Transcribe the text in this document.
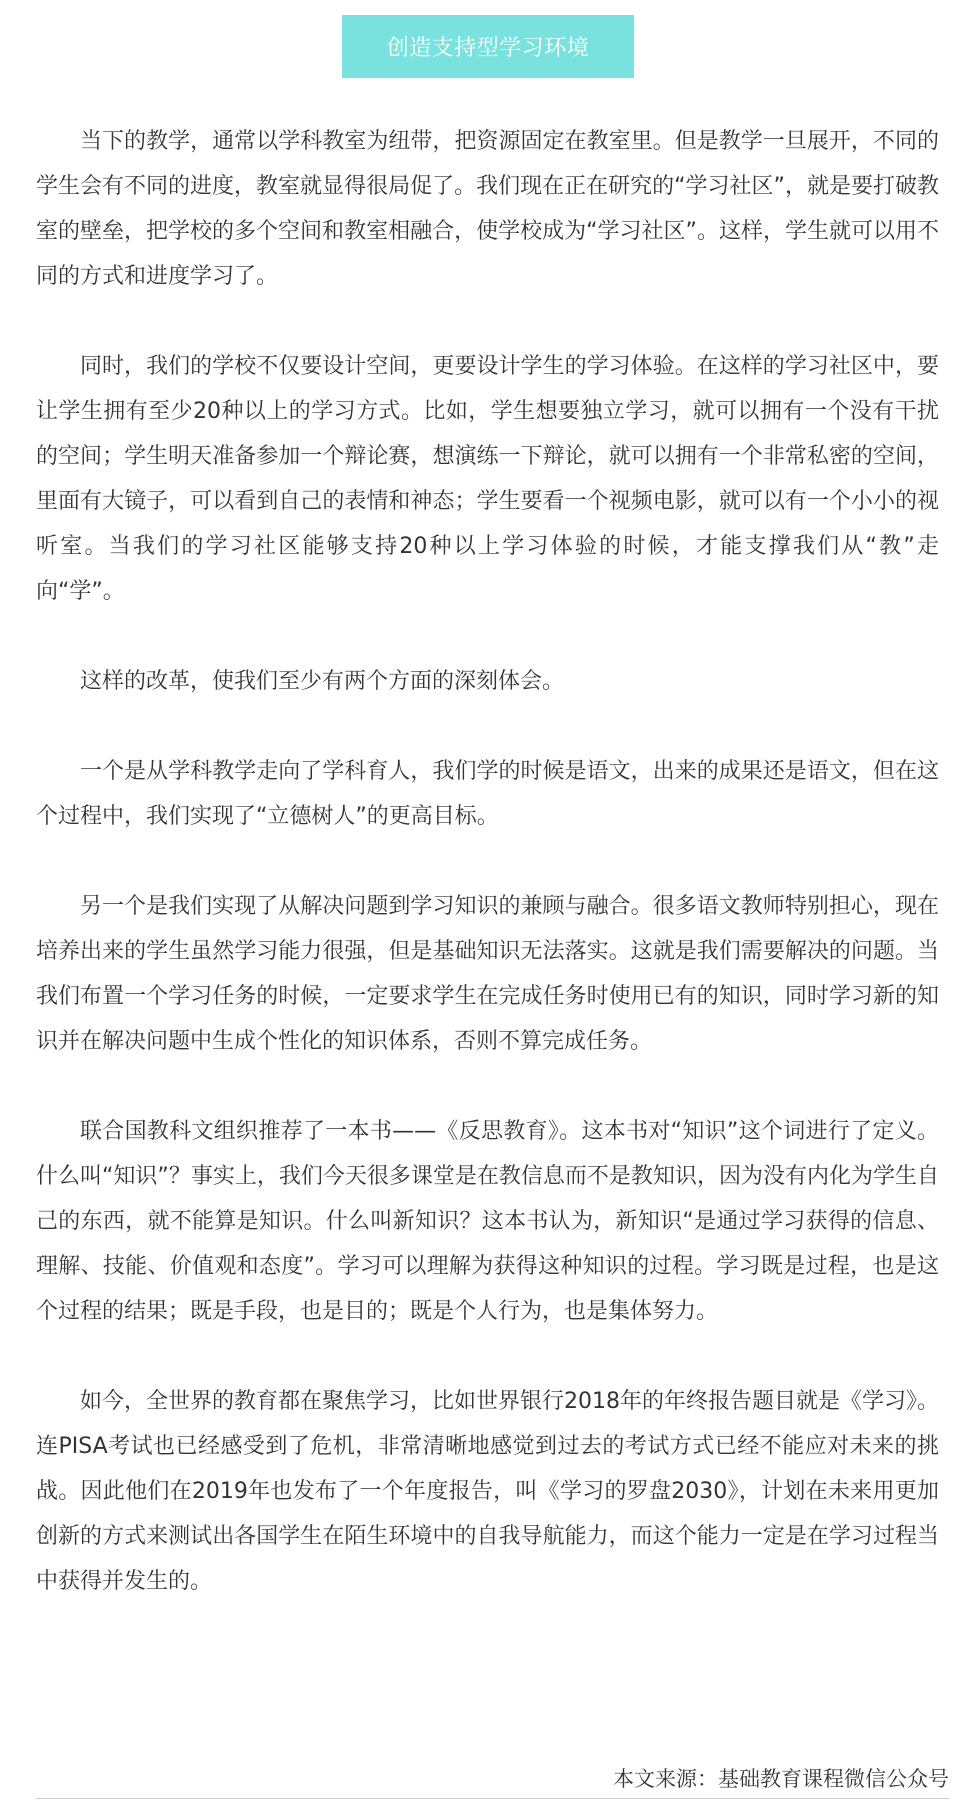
创造支持型学习环境

当下的教学，通常以学科教室为纽带，把资源固定在教室里。但是教学一旦展开，不同的学生会有不同的进度，教室就显得很局促了。我们现在正在研究的“学习社区”，就是要打破教室的壁垒，把学校的多个空间和教室相融合，使学校成为“学习社区”。这样，学生就可以用不同的方式和进度学习了。

同时，我们的学校不仅要设计空间，更要设计学生的学习体验。在这样的学习社区中，要让学生拥有至少20种以上的学习方式。比如，学生想要独立学习，就可以拥有一个没有干扰的空间；学生明天准备参加一个辩论赛，想演练一下辩论，就可以拥有一个非常私密的空间，里面有大镜子，可以看到自己的表情和神态；学生要看一个视频电影，就可以有一个小小的视听室。当我们的学习社区能够支持20种以上学习体验的时候，才能支撑我们从“教”走向“学”。

这样的改革，使我们至少有两个方面的深刻体会。

一个是从学科教学走向了学科育人，我们学的时候是语文，出来的成果还是语文，但在这个过程中，我们实现了“立德树人”的更高目标。

另一个是我们实现了从解决问题到学习知识的兼顾与融合。很多语文教师特别担心，现在培养出来的学生虽然学习能力很强，但是基础知识无法落实。这就是我们需要解决的问题。当我们布置一个学习任务的时候，一定要求学生在完成任务时使用已有的知识，同时学习新的知识并在解决问题中生成个性化的知识体系，否则不算完成任务。

联合国教科文组织推荐了一本书——《反思教育》。这本书对“知识”这个词进行了定义。什么叫“知识”？事实上，我们今天很多课堂是在教信息而不是教知识，因为没有内化为学生自己的东西，就不能算是知识。什么叫新知识？这本书认为，新知识“是通过学习获得的信息、理解、技能、价值观和态度”。学习可以理解为获得这种知识的过程。学习既是过程，也是这个过程的结果；既是手段，也是目的；既是个人行为，也是集体努力。

如今，全世界的教育都在聚焦学习，比如世界银行2018年的年终报告题目就是《学习》。连PISA考试也已经感受到了危机，非常清晰地感觉到过去的考试方式已经不能应对未来的挑战。因此他们在2019年也发布了一个年度报告，叫《学习的罗盘2030》，计划在未来用更加创新的方式来测试出各国学生在陌生环境中的自我导航能力，而这个能力一定是在学习过程当中获得并发生的。

本文来源：基础教育课程微信公众号
